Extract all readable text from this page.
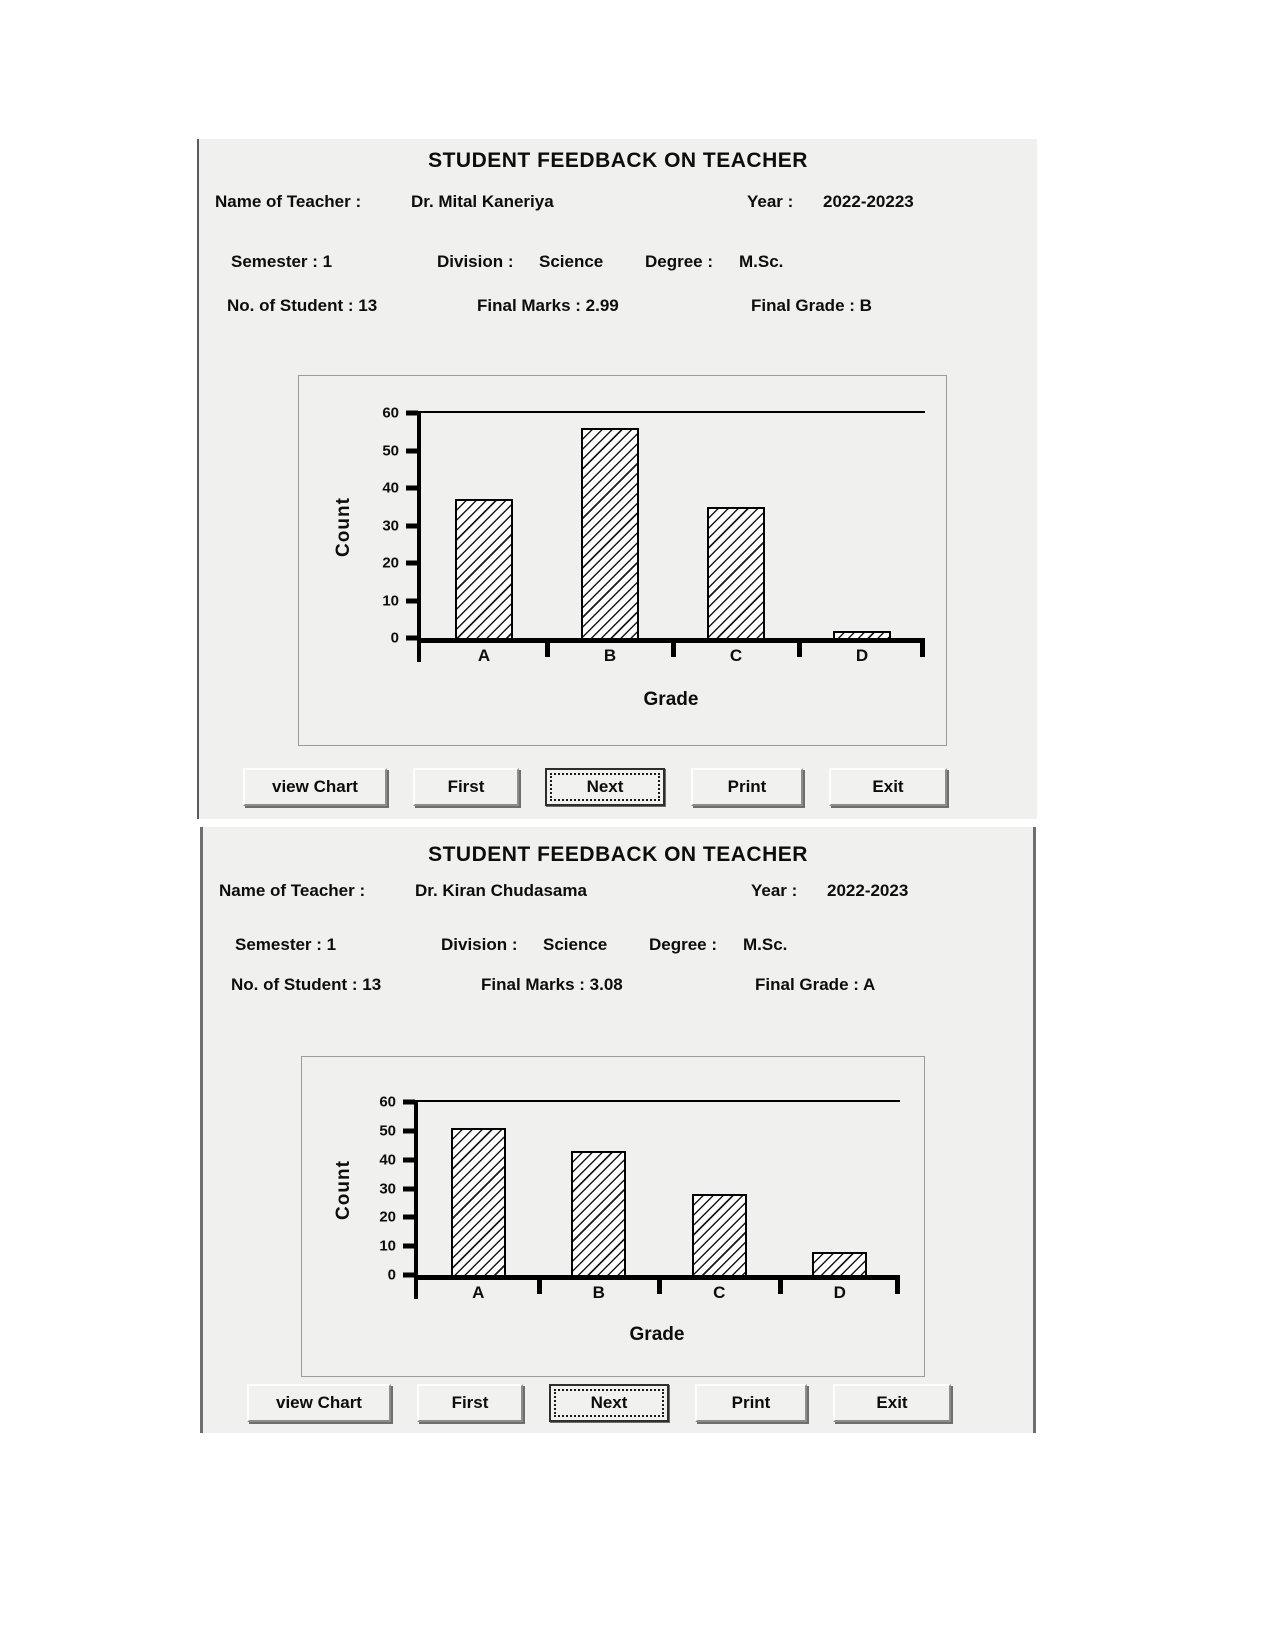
STUDENT FEEDBACK ON TEACHER
Name of Teacher :	Dr. Mital Kaneriya	Year : 2022-20223
Semester : 1	Division : Science Degree : M.Sc.
No. of Student : 13	Final Marks : 2.99	Final Grade : B
Count
0
10
20
30
40
50
60
A	B	C	D
Grade
view Chart	First	Next	Print	Exit
STUDENT FEEDBACK ON TEACHER
Name of Teacher :	Dr. Kiran Chudasama	Year : 2022-2023
Semester : 1	Division : Science Degree : M.Sc.
No. of Student : 13	Final Marks : 3.08	Final Grade : A
Count
0
10
20
30
40
50
60
A	B	C	D
Grade
view Chart	First	Next	Print	Exit
